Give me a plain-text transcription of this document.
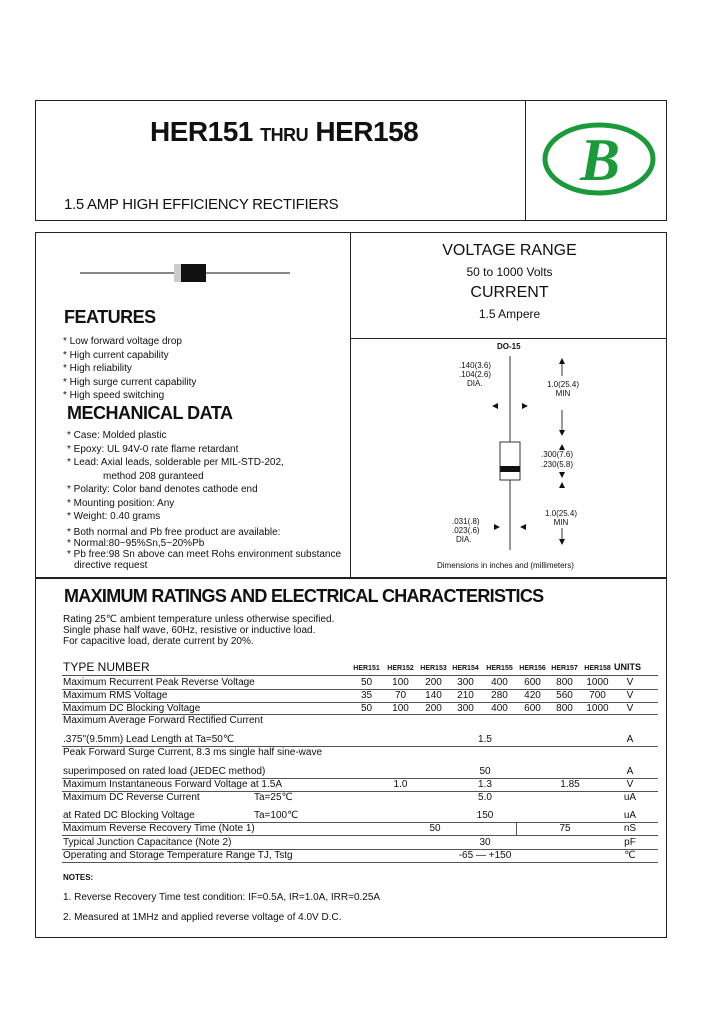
HER151 THRU HER158
1.5 AMP HIGH EFFICIENCY RECTIFIERS
B
VOLTAGE RANGE
50 to 1000 Volts
CURRENT
1.5 Ampere
FEATURES
* Low forward voltage drop
* High current capability
* High reliability
* High surge current capability
* High speed switching
MECHANICAL DATA
* Case: Molded plastic
* Epoxy: UL 94V-0 rate flame retardant
* Lead: Axial leads, solderable per MIL-STD-202,
method 208 guranteed
* Polarity: Color band denotes cathode end
* Mounting position: Any
* Weight: 0.40 grams
* Both normal and Pb free product are available:
* Normal:80~95%Sn,5~20%Pb
* Pb free:98 Sn above can meet Rohs environment substance
directive request
DO-15
.140(3.6)
.104(2.6)
DIA.	1.0(25.4)
MIN
.300(7.6)
.230(5.8)
1.0(25.4)
MIN
.031(.8)
.023(.6)
DIA.
Dimensions in inches and (millimeters)
MAXIMUM RATINGS AND ELECTRICAL CHARACTERISTICS
Rating 25℃ ambient temperature unless otherwise specified.
Single phase half wave, 60Hz, resistive or inductive load.
For capacitive load, derate current by 20%.
TYPE NUMBER	HER151	HER152 HER153 HER154	HER155 HER156 HER157 HER158 UNITS
Maximum Recurrent Peak Reverse Voltage	50	100	200	300	400	600	800	1000	V
Maximum RMS Voltage	35	70	140	210	280	420	560	700	V
Maximum DC Blocking Voltage	50	100	200	300	400	600	800	1000	V
Maximum Average Forward Rectified Current
.375"(9.5mm) Lead Length at Ta=50℃	1.5	A
Peak Forward Surge Current, 8.3 ms single half sine-wave
superimposed on rated load (JEDEC method)	50	A
Maximum Instantaneous Forward Voltage at 1.5A	1.0	1.3	1.85	V
Maximum DC Reverse Current	Ta=25℃	5.0	uA
at Rated DC Blocking Voltage	Ta=100℃	150	uA
Maximum Reverse Recovery Time (Note 1)	50	75	nS
Typical Junction Capacitance (Note 2)	30	pF
Operating and Storage Temperature Range TJ, Tstg	-65 — +150	℃
NOTES:
1. Reverse Recovery Time test condition: IF=0.5A, IR=1.0A, IRR=0.25A
2. Measured at 1MHz and applied reverse voltage of 4.0V D.C.
